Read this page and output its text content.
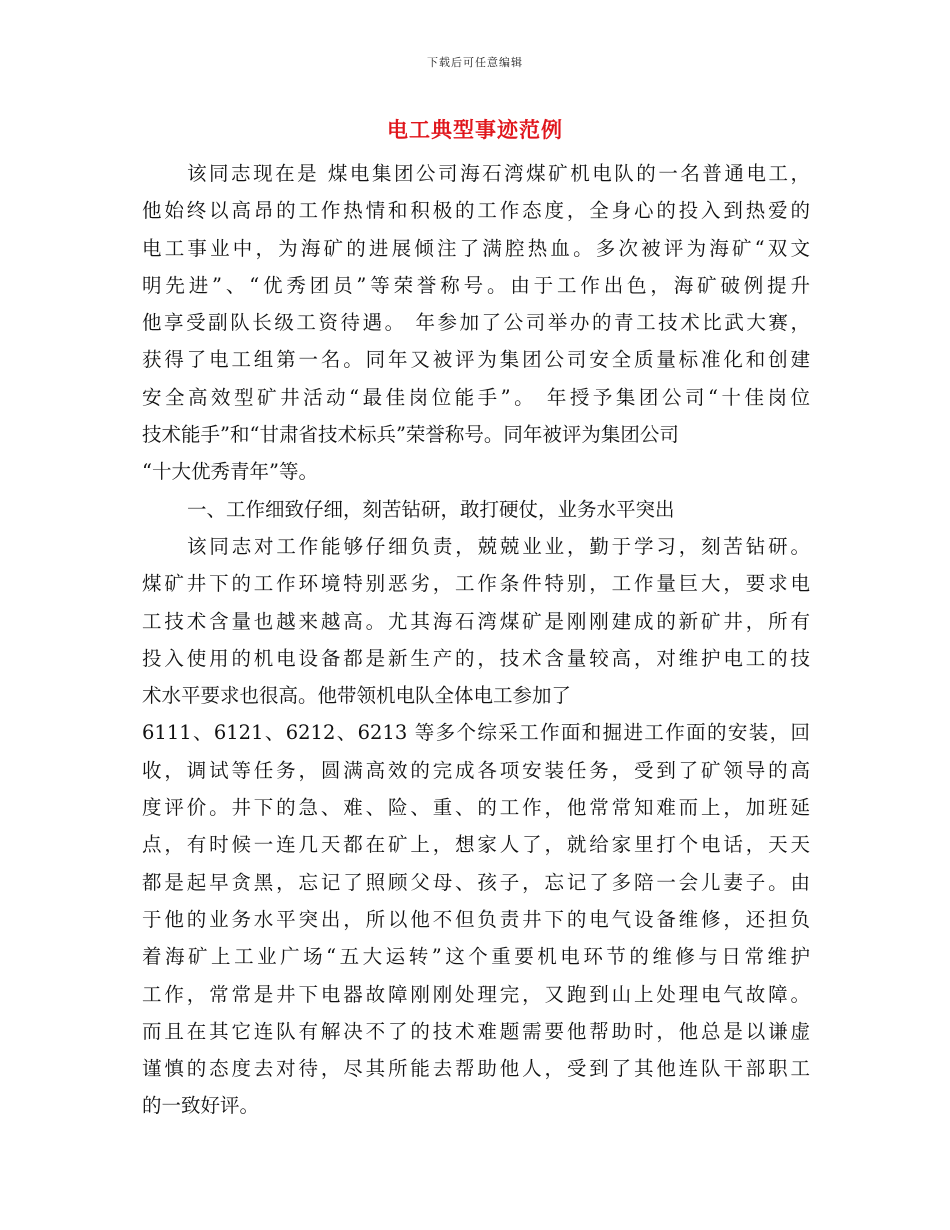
下载后可任意编辑
电工典型事迹范例
该同志现在是 煤电集团公司海石湾煤矿机电队的一名普通电工，
他始终以高昂的工作热情和积极的工作态度，全身心的投入到热爱的
电工事业中，为海矿的进展倾注了满腔热血。多次被评为海矿“双文
明先进”、“优秀团员”等荣誉称号。由于工作出色，海矿破例提升
他享受副队长级工资待遇。 年参加了公司举办的青工技术比武大赛，
获得了电工组第一名。同年又被评为集团公司安全质量标准化和创建
安全高效型矿井活动“最佳岗位能手”。 年授予集团公司“十佳岗位
技术能手”和“甘肃省技术标兵”荣誉称号。同年被评为集团公司
“十大优秀青年”等。
一、工作细致仔细，刻苦钻研，敢打硬仗，业务水平突出
该同志对工作能够仔细负责，兢兢业业，勤于学习，刻苦钻研。
煤矿井下的工作环境特别恶劣，工作条件特别，工作量巨大，要求电
工技术含量也越来越高。尤其海石湾煤矿是刚刚建成的新矿井，所有
投入使用的机电设备都是新生产的，技术含量较高，对维护电工的技
术水平要求也很高。他带领机电队全体电工参加了
6111、6121、6212、6213 等多个综采工作面和掘进工作面的安装，回
收，调试等任务，圆满高效的完成各项安装任务，受到了矿领导的高
度评价。井下的急、难、险、重、的工作，他常常知难而上，加班延
点，有时候一连几天都在矿上，想家人了，就给家里打个电话，天天
都是起早贪黑，忘记了照顾父母、孩子，忘记了多陪一会儿妻子。由
于他的业务水平突出，所以他不但负责井下的电气设备维修，还担负
着海矿上工业广场“五大运转”这个重要机电环节的维修与日常维护
工作，常常是井下电器故障刚刚处理完，又跑到山上处理电气故障。
而且在其它连队有解决不了的技术难题需要他帮助时，他总是以谦虚
谨慎的态度去对待，尽其所能去帮助他人，受到了其他连队干部职工
的一致好评。
